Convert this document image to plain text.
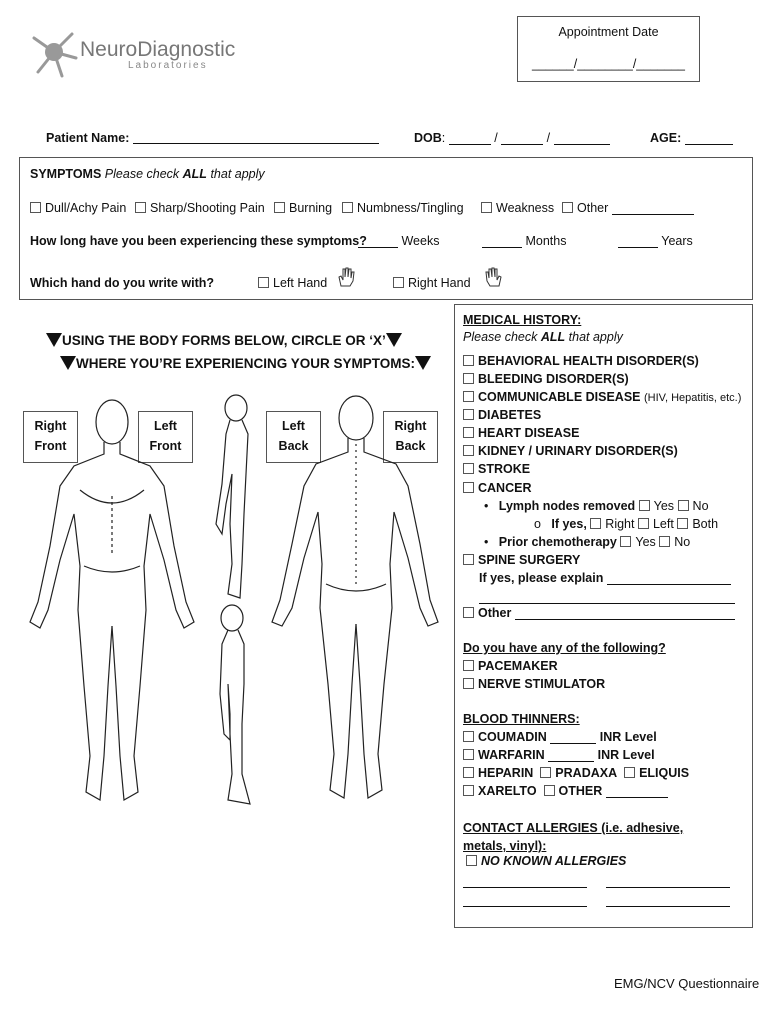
NeuroDiagnostic
Laboratories
Appointment Date
______/________/_______
Patient Name:	DOB:	/	/	AGE:
SYMPTOMS Please check ALL that apply
Dull/Achy Pain	Sharp/Shooting Pain	Burning	Numbness/Tingling	Weakness	Other
How long have you been experiencing these symptoms?	Weeks	Months	Years
Which hand do you write with?	Left Hand	Right Hand
USING THE BODY FORMS BELOW, CIRCLE OR ‘X’
WHERE YOU’RE EXPERIENCING YOUR SYMPTOMS:
Right
Front
Left
Front
Left
Back
Right
Back
MEDICAL HISTORY:
Please check ALL that apply
BEHAVIORAL HEALTH DISORDER(S)
BLEEDING DISORDER(S)
COMMUNICABLE DISEASE (HIV, Hepatitis, etc.)
DIABETES
HEART DISEASE
KIDNEY / URINARY DISORDER(S)
STROKE
CANCER
•   Lymph nodes removed Yes No
o   If yes, Right Left Both
•   Prior chemotherapy Yes No
SPINE SURGERY
If yes, please explain
Other
Do you have any of the following?
PACEMAKER
NERVE STIMULATOR
BLOOD THINNERS:
COUMADIN	INR Level
WARFARIN	INR Level
HEPARIN PRADAXA ELIQUIS
XARELTO OTHER
CONTACT ALLERGIES (i.e. adhesive, metals, vinyl):
NO KNOWN ALLERGIES
EMG/NCV Questionnaire
